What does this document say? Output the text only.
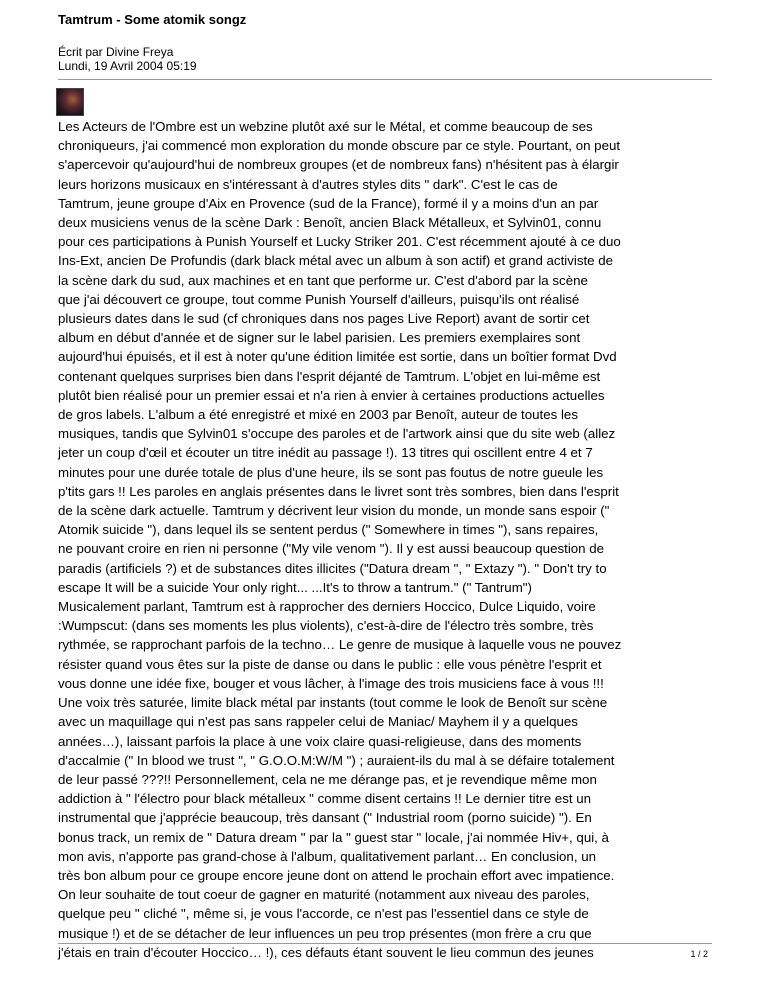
Tamtrum - Some atomik songz
Écrit par Divine Freya
Lundi, 19 Avril 2004 05:19

Les Acteurs de l'Ombre est un webzine plutôt axé sur le Métal, et comme beaucoup de ses
chroniqueurs, j'ai commencé mon exploration du monde obscure par ce style. Pourtant, on peut
s'apercevoir qu'aujourd'hui de nombreux groupes (et de nombreux fans) n'hésitent pas à élargir
leurs horizons musicaux en s'intéressant à d'autres styles dits " dark". C'est le cas de
Tamtrum, jeune groupe d'Aix en Provence (sud de la France), formé il y a moins d'un an par
deux musiciens venus de la scène Dark : Benoît, ancien Black Métalleux, et Sylvin01, connu
pour ces participations à Punish Yourself et Lucky Striker 201. C'est récemment ajouté à ce duo
Ins-Ext, ancien De Profundis (dark black métal avec un album à son actif) et grand activiste de
la scène dark du sud, aux machines et en tant que performe ur. C'est d'abord par la scène
que j'ai découvert ce groupe, tout comme Punish Yourself d'ailleurs, puisqu'ils ont réalisé
plusieurs dates dans le sud (cf chroniques dans nos pages Live Report) avant de sortir cet
album en début d'année et de signer sur le label parisien. Les premiers exemplaires sont
aujourd'hui épuisés, et il est à noter qu'une édition limitée est sortie, dans un boîtier format Dvd
contenant quelques surprises bien dans l'esprit déjanté de Tamtrum. L'objet en lui-même est
plutôt bien réalisé pour un premier essai et n'a rien à envier à certaines productions actuelles
de gros labels. L'album a été enregistré et mixé en 2003 par Benoît, auteur de toutes les
musiques, tandis que Sylvin01 s'occupe des paroles et de l'artwork ainsi que du site web (allez
jeter un coup d'œil et écouter un titre inédit au passage !). 13 titres qui oscillent entre 4 et 7
minutes pour une durée totale de plus d'une heure, ils se sont pas foutus de notre gueule les
p'tits gars !! Les paroles en anglais présentes dans le livret sont très sombres, bien dans l'esprit
de la scène dark actuelle. Tamtrum y décrivent leur vision du monde, un monde sans espoir ("
Atomik suicide "), dans lequel ils se sentent perdus (" Somewhere in times "), sans repaires,
ne pouvant croire en rien ni personne ("My vile venom "). Il y est aussi beaucoup question de
paradis (artificiels ?) et de substances dites illicites ("Datura dream ", " Extazy "). " Don't try to
escape It will be a suicide Your only right... ...It's to throw a tantrum." (" Tantrum")
Musicalement parlant, Tamtrum est à rapprocher des derniers Hoccico, Dulce Liquido, voire
:Wumpscut: (dans ses moments les plus violents), c'est-à-dire de l'électro très sombre, très
rythmée, se rapprochant parfois de la techno… Le genre de musique à laquelle vous ne pouvez
résister quand vous êtes sur la piste de danse ou dans le public : elle vous pénètre l'esprit et
vous donne une idée fixe, bouger et vous lâcher, à l'image des trois musiciens face à vous !!!
Une voix très saturée, limite black métal par instants (tout comme le look de Benoît sur scène
avec un maquillage qui n'est pas sans rappeler celui de Maniac/ Mayhem il y a quelques
années…), laissant parfois la place à une voix claire quasi-religieuse, dans des moments
d'accalmie (" In blood we trust ", " G.O.O.M:W/M ") ; auraient-ils du mal à se défaire totalement
de leur passé ???!! Personnellement, cela ne me dérange pas, et je revendique même mon
addiction à " l'électro pour black métalleux " comme disent certains !! Le dernier titre est un
instrumental que j'apprécie beaucoup, très dansant (" Industrial room (porno suicide) "). En
bonus track, un remix de " Datura dream " par la " guest star " locale, j'ai nommée Hiv+, qui, à
mon avis, n'apporte pas grand-chose à l'album, qualitativement parlant… En conclusion, un
très bon album pour ce groupe encore jeune dont on attend le prochain effort avec impatience.
On leur souhaite de tout coeur de gagner en maturité (notamment aux niveau des paroles,
quelque peu " cliché ", même si, je vous l'accorde, ce n'est pas l'essentiel dans ce style de
musique !) et de se détacher de leur influences un peu trop présentes (mon frère a cru que
j'étais en train d'écouter Hoccico… !), ces défauts étant souvent le lieu commun des jeunes	1 / 2
